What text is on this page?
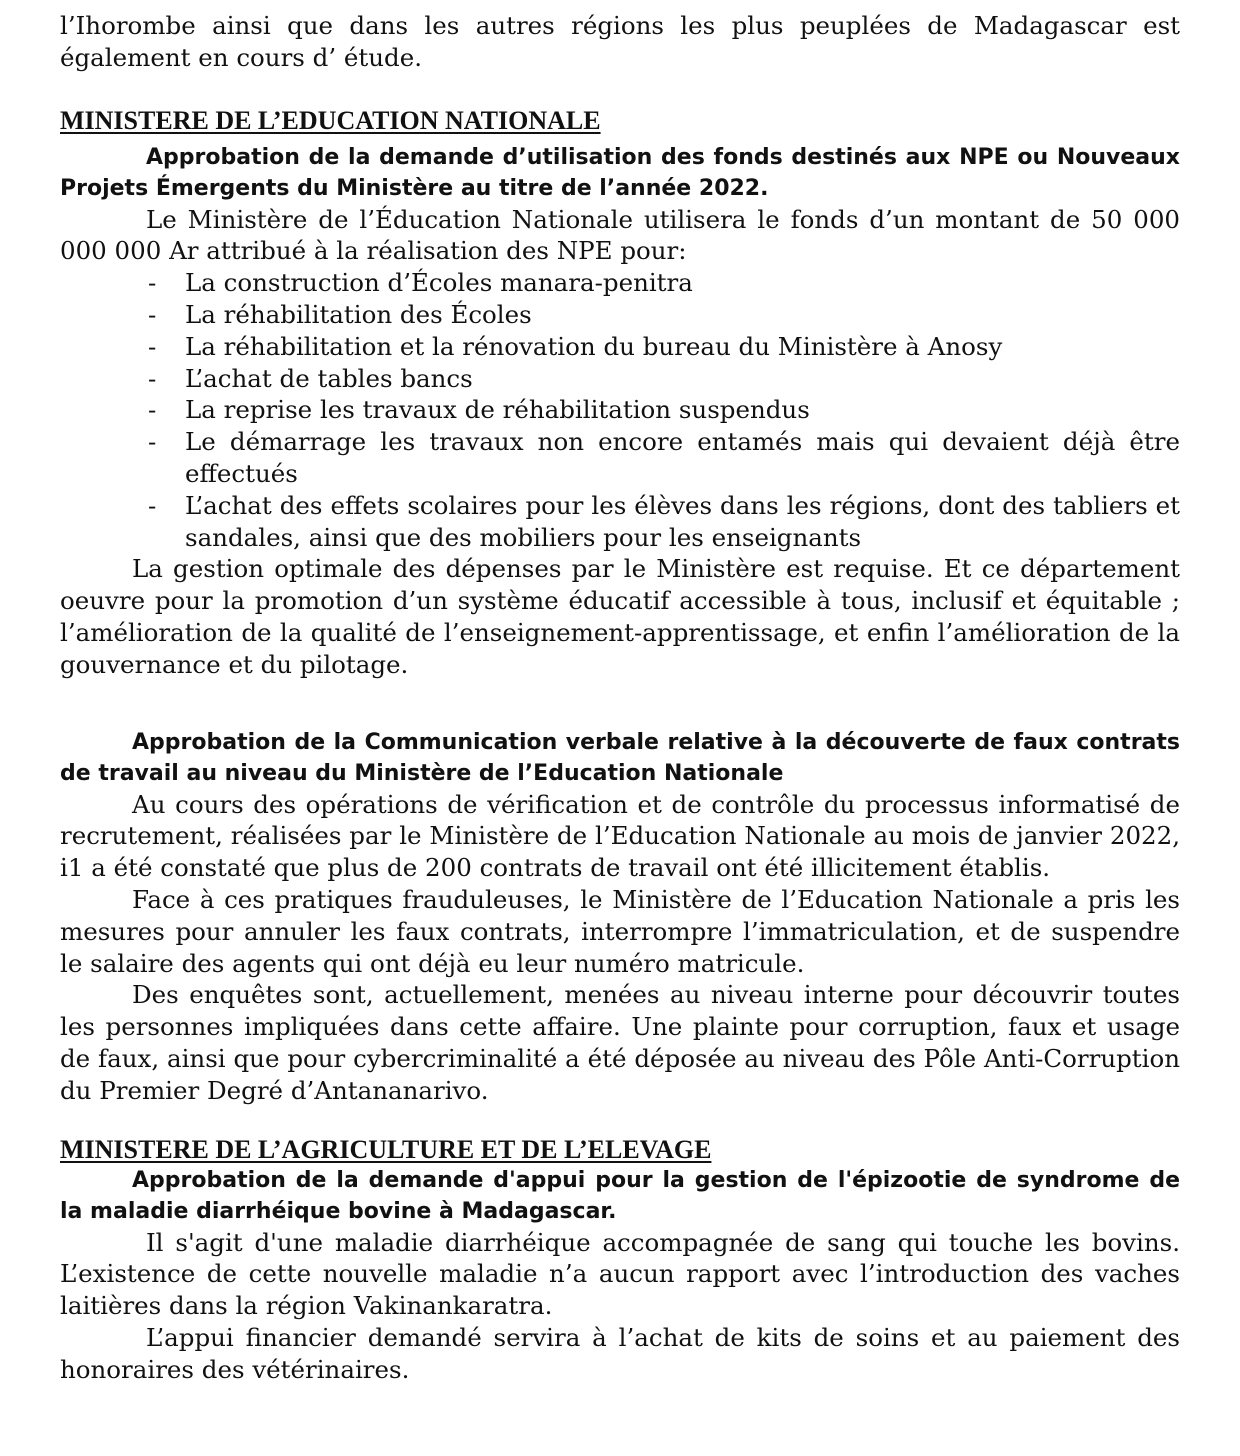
l’Ihorombe ainsi que dans les autres régions les plus peuplées de Madagascar est également en cours d’ étude.

MINISTERE DE L’EDUCATION NATIONALE

Approbation de la demande d’utilisation des fonds destinés aux NPE ou Nouveaux Projets Émergents du Ministère au titre de l’année 2022.

Le Ministère de l’Éducation Nationale utilisera le fonds d’un montant de 50 000 000 000 Ar attribué à la réalisation des NPE pour:

- La construction d’Écoles manara-penitra
- La réhabilitation des Écoles
- La réhabilitation et la rénovation du bureau du Ministère à Anosy
- L’achat de tables bancs
- La reprise les travaux de réhabilitation suspendus
- Le démarrage les travaux non encore entamés mais qui devaient déjà être effectués
- L’achat des effets scolaires pour les élèves dans les régions, dont des tabliers et sandales, ainsi que des mobiliers pour les enseignants

La gestion optimale des dépenses par le Ministère est requise. Et ce département oeuvre pour la promotion d’un système éducatif accessible à tous, inclusif et équitable ; l’amélioration de la qualité de l’enseignement-apprentissage, et enfin l’amélioration de la gouvernance et du pilotage.

Approbation de la Communication verbale relative à la découverte de faux contrats de travail au niveau du Ministère de l’Education Nationale

Au cours des opérations de vérification et de contrôle du processus informatisé de recrutement, réalisées par le Ministère de l’Education Nationale au mois de janvier 2022, i1 a été constaté que plus de 200 contrats de travail ont été illicitement établis.

Face à ces pratiques frauduleuses, le Ministère de l’Education Nationale a pris les mesures pour annuler les faux contrats, interrompre l’immatriculation, et de suspendre le salaire des agents qui ont déjà eu leur numéro matricule.

Des enquêtes sont, actuellement, menées au niveau interne pour découvrir toutes les personnes impliquées dans cette affaire. Une plainte pour corruption, faux et usage de faux, ainsi que pour cybercriminalité a été déposée au niveau des Pôle Anti-Corruption du Premier Degré d’Antananarivo.

MINISTERE DE L’AGRICULTURE ET DE L’ELEVAGE

Approbation de la demande d'appui pour la gestion de l'épizootie de syndrome de la maladie diarrhéique bovine à Madagascar.

Il s'agit d'une maladie diarrhéique accompagnée de sang qui touche les bovins. L’existence de cette nouvelle maladie n’a aucun rapport avec l’introduction des vaches laitières dans la région Vakinankaratra.

L’appui financier demandé servira à l’achat de kits de soins et au paiement des honoraires des vétérinaires.
